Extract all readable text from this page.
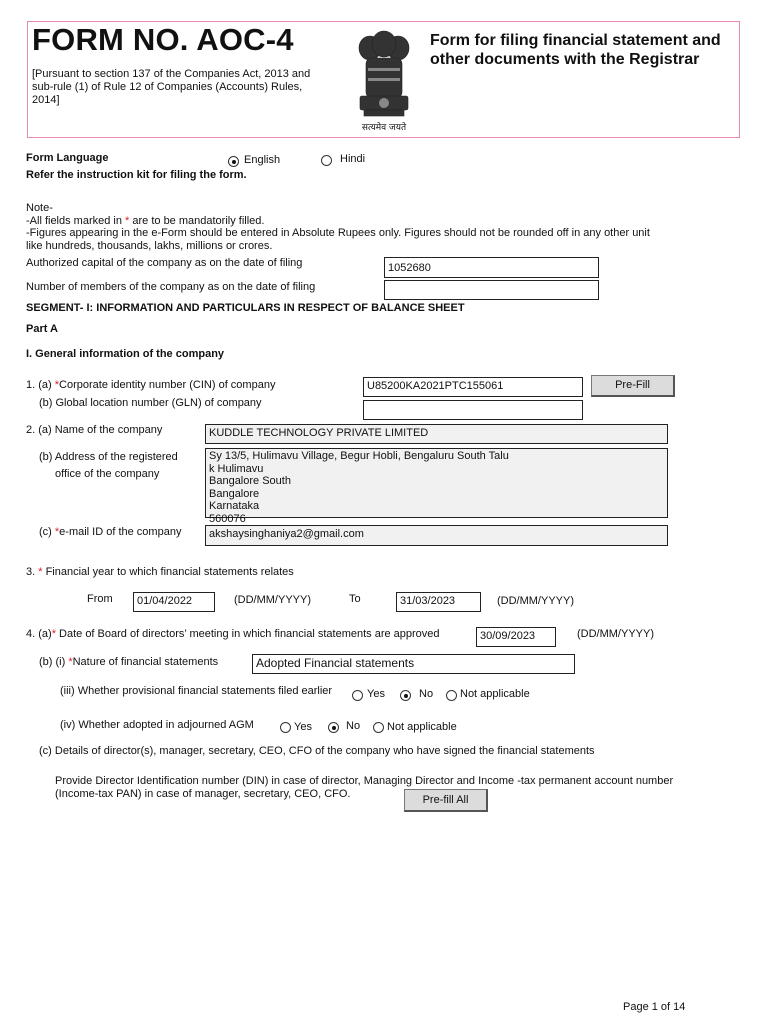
FORM NO. AOC-4
[Pursuant to section 137 of the Companies Act, 2013 and sub-rule (1) of Rule 12 of Companies (Accounts) Rules, 2014]
सत्यमेव जयते
Form for filing financial statement and other documents with the Registrar
Form Language	English	Hindi
Refer the instruction kit for filing the form.
Note-
-All fields marked in * are to be mandatorily filled.
-Figures appearing in the e-Form should be entered in Absolute Rupees only. Figures should not be rounded off in any other unit like hundreds, thousands, lakhs, millions or crores.
Authorized capital of the company as on the date of filing	1052680
Number of members of the company as on the date of filing
SEGMENT- I: INFORMATION AND PARTICULARS IN RESPECT OF BALANCE SHEET
Part A
I. General information of the company
1. (a) *Corporate identity number (CIN) of company	U85200KA2021PTC155061	Pre-Fill
(b) Global location number (GLN) of company
2. (a) Name of the company	KUDDLE TECHNOLOGY PRIVATE LIMITED
(b) Address of the registered
office of the company
Sy 13/5, Hulimavu Village, Begur Hobli, Bengaluru South Talu
k Hulimavu
Bangalore South
Bangalore
Karnataka
560076
(c) *e-mail ID of the company	akshaysinghaniya2@gmail.com
3. * Financial year to which financial statements relates
From	01/04/2022	(DD/MM/YYYY)	To	31/03/2023	(DD/MM/YYYY)
4. (a)* Date of Board of directors’ meeting in which financial statements are approved	30/09/2023	(DD/MM/YYYY)
(b) (i) *Nature of financial statements	Adopted Financial statements
(iii) Whether provisional financial statements filed earlier	Yes	No Not applicable
(iv) Whether adopted in adjourned AGM	Yes	No Not applicable
(c) Details of director(s), manager, secretary, CEO, CFO of the company who have signed the financial statements
Provide Director Identification number (DIN) in case of director, Managing Director and Income -tax permanent account number
(Income-tax PAN) in case of manager, secretary, CEO, CFO.	Pre-fill All
Page 1 of 14
